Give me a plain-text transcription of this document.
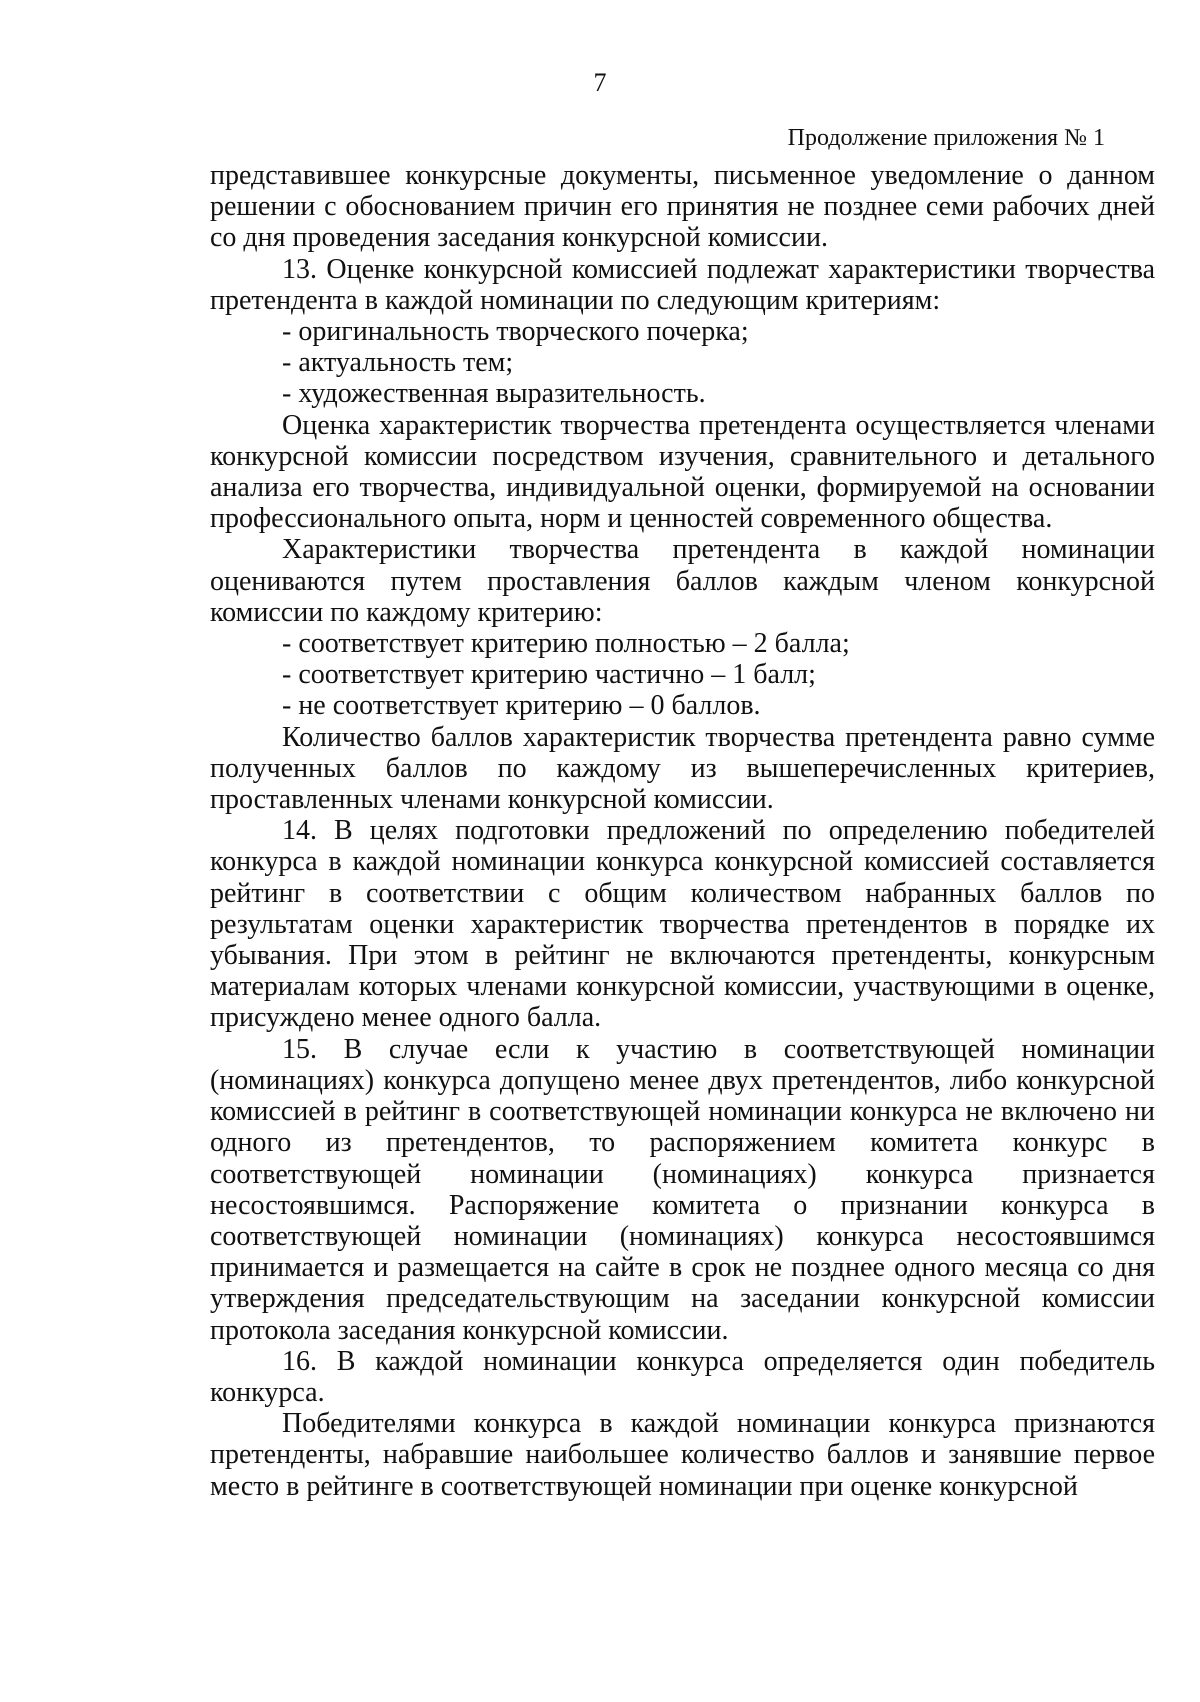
7
Продолжение приложения № 1

представившее конкурсные документы, письменное уведомление о данном решении с обоснованием причин его принятия не позднее семи рабочих дней со дня проведения заседания конкурсной комиссии.

13. Оценке конкурсной комиссией подлежат характеристики творчества претендента в каждой номинации по следующим критериям:

- оригинальность творческого почерка;

- актуальность тем;

- художественная выразительность.

Оценка характеристик творчества претендента осуществляется членами конкурсной комиссии посредством изучения, сравнительного и детального анализа его творчества, индивидуальной оценки, формируемой на основании профессионального опыта, норм и ценностей современного общества.

Характеристики творчества претендента в каждой номинации оцениваются путем проставления баллов каждым членом конкурсной комиссии по каждому критерию:

- соответствует критерию полностью – 2 балла;

- соответствует критерию частично – 1 балл;

- не соответствует критерию – 0 баллов.

Количество баллов характеристик творчества претендента равно сумме полученных баллов по каждому из вышеперечисленных критериев, проставленных членами конкурсной комиссии.

14. В целях подготовки предложений по определению победителей конкурса в каждой номинации конкурса конкурсной комиссией составляется рейтинг в соответствии с общим количеством набранных баллов по результатам оценки характеристик творчества претендентов в порядке их убывания. При этом в рейтинг не включаются претенденты, конкурсным материалам которых членами конкурсной комиссии, участвующими в оценке, присуждено менее одного балла.

15. В случае если к участию в соответствующей номинации (номинациях) конкурса допущено менее двух претендентов, либо конкурсной комиссией в рейтинг в соответствующей номинации конкурса не включено ни одного из претендентов, то распоряжением комитета конкурс в соответствующей номинации (номинациях) конкурса признается несостоявшимся. Распоряжение комитета о признании конкурса в соответствующей номинации (номинациях) конкурса несостоявшимся принимается и размещается на сайте в срок не позднее одного месяца со дня утверждения председательствующим на заседании конкурсной комиссии протокола заседания конкурсной комиссии.

16. В каждой номинации конкурса определяется один победитель конкурса.

Победителями конкурса в каждой номинации конкурса признаются претенденты, набравшие наибольшее количество баллов и занявшие первое место в рейтинге в соответствующей номинации при оценке конкурсной
